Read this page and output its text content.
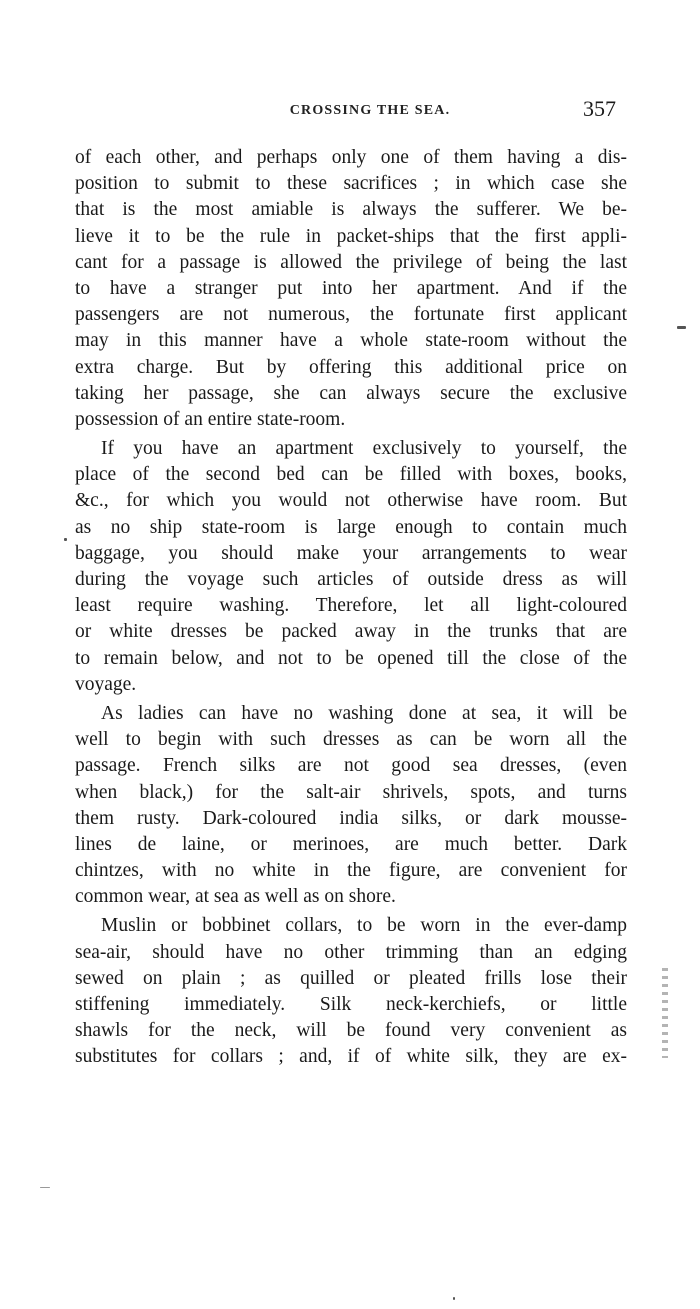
CROSSING THE SEA.	357
of each other, and perhaps only one of them having a dis-
position to submit to these sacrifices ; in which case she
that is the most amiable is always the sufferer. We be-
lieve it to be the rule in packet-ships that the first appli-
cant for a passage is allowed the privilege of being the last
to have a stranger put into her apartment. And if the
passengers are not numerous, the fortunate first applicant
may in this manner have a whole state-room without the
extra charge. But by offering this additional price on
taking her passage, she can always secure the exclusive
possession of an entire state-room.
If you have an apartment exclusively to yourself, the
place of the second bed can be filled with boxes, books,
&c., for which you would not otherwise have room. But
as no ship state-room is large enough to contain much
baggage, you should make your arrangements to wear
during the voyage such articles of outside dress as will
least require washing. Therefore, let all light-coloured
or white dresses be packed away in the trunks that are
to remain below, and not to be opened till the close of the
voyage.
As ladies can have no washing done at sea, it will be
well to begin with such dresses as can be worn all the
passage. French silks are not good sea dresses, (even
when black,) for the salt-air shrivels, spots, and turns
them rusty. Dark-coloured india silks, or dark mousse-
lines de laine, or merinoes, are much better. Dark
chintzes, with no white in the figure, are convenient for
common wear, at sea as well as on shore.
Muslin or bobbinet collars, to be worn in the ever-damp
sea-air, should have no other trimming than an edging
sewed on plain ; as quilled or pleated frills lose their
stiffening immediately. Silk neck-kerchiefs, or little
shawls for the neck, will be found very convenient as
substitutes for collars ; and, if of white silk, they are ex-
